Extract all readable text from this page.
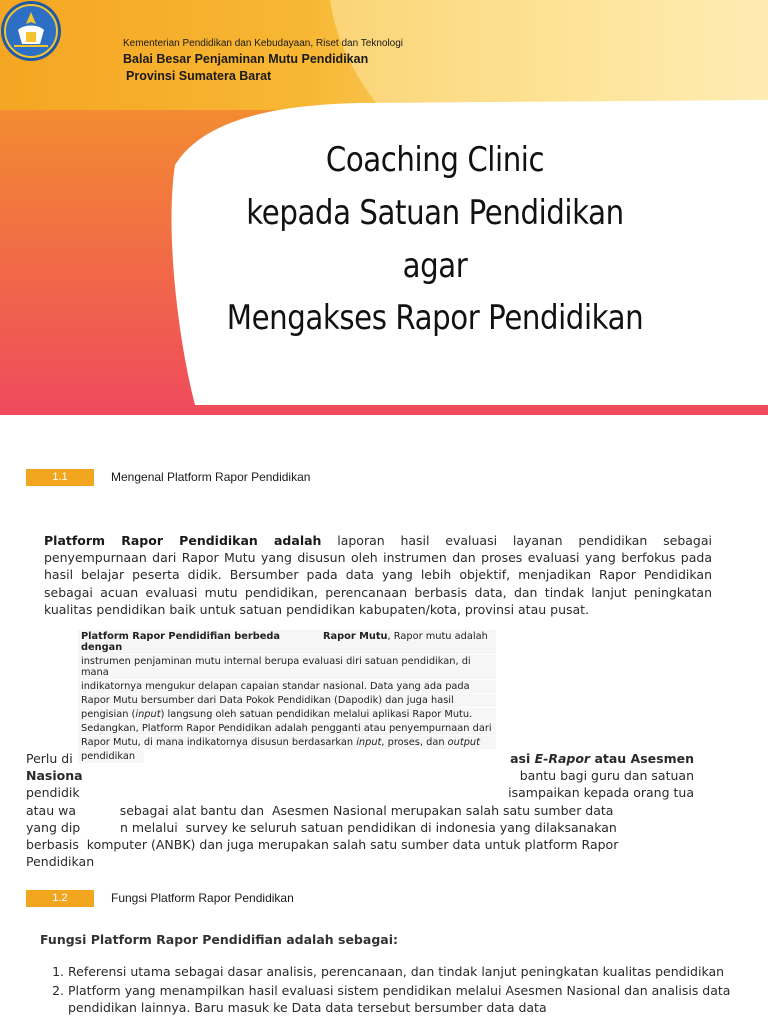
Kementerian Pendidikan dan Kebudayaan, Riset dan Teknologi
Balai Besar Penjaminan Mutu Pendidikan
Provinsi Sumatera Barat
Coaching Clinic
kepada Satuan Pendidikan
agar
Mengakses Rapor Pendidikan
1.1	Mengenal Platform Rapor Pendidikan
Platform Rapor Pendidikan adalah laporan hasil evaluasi layanan pendidikan sebagai penyempurnaan dari Rapor Mutu yang disusun oleh instrumen dan proses evaluasi yang berfokus pada hasil belajar peserta didik. Bersumber pada data yang lebih objektif, menjadikan Rapor Pendidikan sebagai acuan evaluasi mutu pendidikan, perencanaan berbasis data, dan tindak lanjut peningkatan kualitas pendidikan baik untuk satuan pendidikan kabupaten/kota, provinsi atau pusat.
Perlu di	asi E-Rapor atau Asesmen
Nasiona	bantu bagi guru dan satuan
pendidik	isampaikan kepada orang tua
atau wa           sebagai alat bantu dan  Asesmen Nasional merupakan salah satu sumber data
yang dip          n melalui  survey ke seluruh satuan pendidikan di indonesia yang dilaksanakan
berbasis  komputer (ANBK) dan juga merupakan salah satu sumber data untuk platform Rapor
Pendidikan
Platform Rapor Pendidifian berbeda dengan
Rapor Mutu, Rapor mutu adalah
instrumen penjaminan mutu internal berupa evaluasi diri satuan pendidikan, di mana
indikatornya mengukur delapan capaian standar nasional. Data yang ada pada
Rapor Mutu bersumber dari Data Pokok Pendidikan (Dapodik) dan juga hasil
pengisian (input) langsung oleh satuan pendidikan melalui aplikasi Rapor Mutu.
Sedangkan, Platform Rapor Pendidikan adalah pengganti atau penyempurnaan dari
Rapor Mutu, di mana indikatornya disusun berdasarkan input, proses, dan output
pendidikan
1.2	Fungsi Platform Rapor Pendidikan
Fungsi Platform Rapor Pendidifian adalah sebagai:
1. Referensi utama sebagai dasar analisis, perencanaan, dan tindak lanjut peningkatan kualitas pendidikan
2. Platform yang menampilkan hasil evaluasi sistem pendidikan melalui Asesmen Nasional dan analisis data pendidikan lainnya. Baru masuk ke Data data tersebut bersumber data data
